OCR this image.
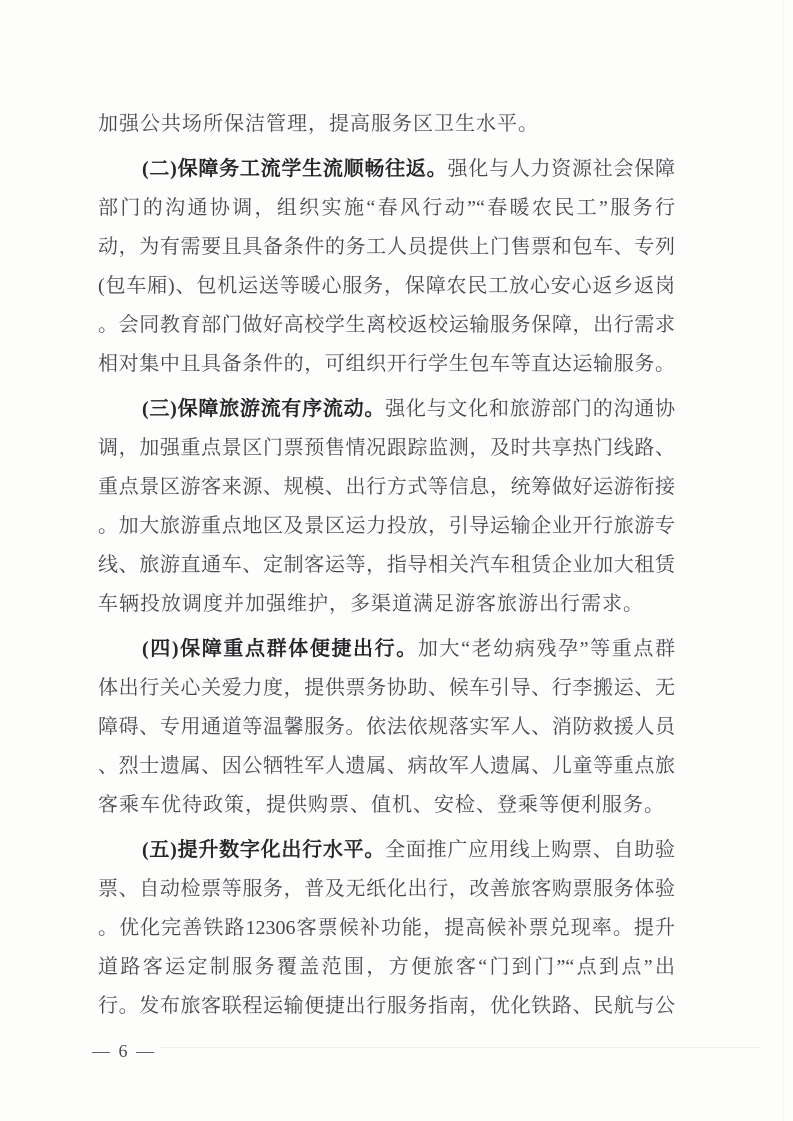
加强公共场所保洁管理，提高服务区卫生水平。
(二)保障务工流学生流顺畅往返。强化与人力资源社会保障
部门的沟通协调，组织实施“春风行动”“春暖农民工”服务行
动，为有需要且具备条件的务工人员提供上门售票和包车、专列
(包车厢)、包机运送等暖心服务，保障农民工放心安心返乡返岗
。会同教育部门做好高校学生离校返校运输服务保障，出行需求
相对集中且具备条件的，可组织开行学生包车等直达运输服务。
(三)保障旅游流有序流动。强化与文化和旅游部门的沟通协
调，加强重点景区门票预售情况跟踪监测，及时共享热门线路、
重点景区游客来源、规模、出行方式等信息，统筹做好运游衔接
。加大旅游重点地区及景区运力投放，引导运输企业开行旅游专
线、旅游直通车、定制客运等，指导相关汽车租赁企业加大租赁
车辆投放调度并加强维护，多渠道满足游客旅游出行需求。
(四)保障重点群体便捷出行。加大“老幼病残孕”等重点群
体出行关心关爱力度，提供票务协助、候车引导、行李搬运、无
障碍、专用通道等温馨服务。依法依规落实军人、消防救援人员
、烈士遗属、因公牺牲军人遗属、病故军人遗属、儿童等重点旅
客乘车优待政策，提供购票、值机、安检、登乘等便利服务。
(五)提升数字化出行水平。全面推广应用线上购票、自助验
票、自动检票等服务，普及无纸化出行，改善旅客购票服务体验
。优化完善铁路12306客票候补功能，提高候补票兑现率。提升
道路客运定制服务覆盖范围，方便旅客“门到门”“点到点”出
行。发布旅客联程运输便捷出行服务指南，优化铁路、民航与公
— 6 —
